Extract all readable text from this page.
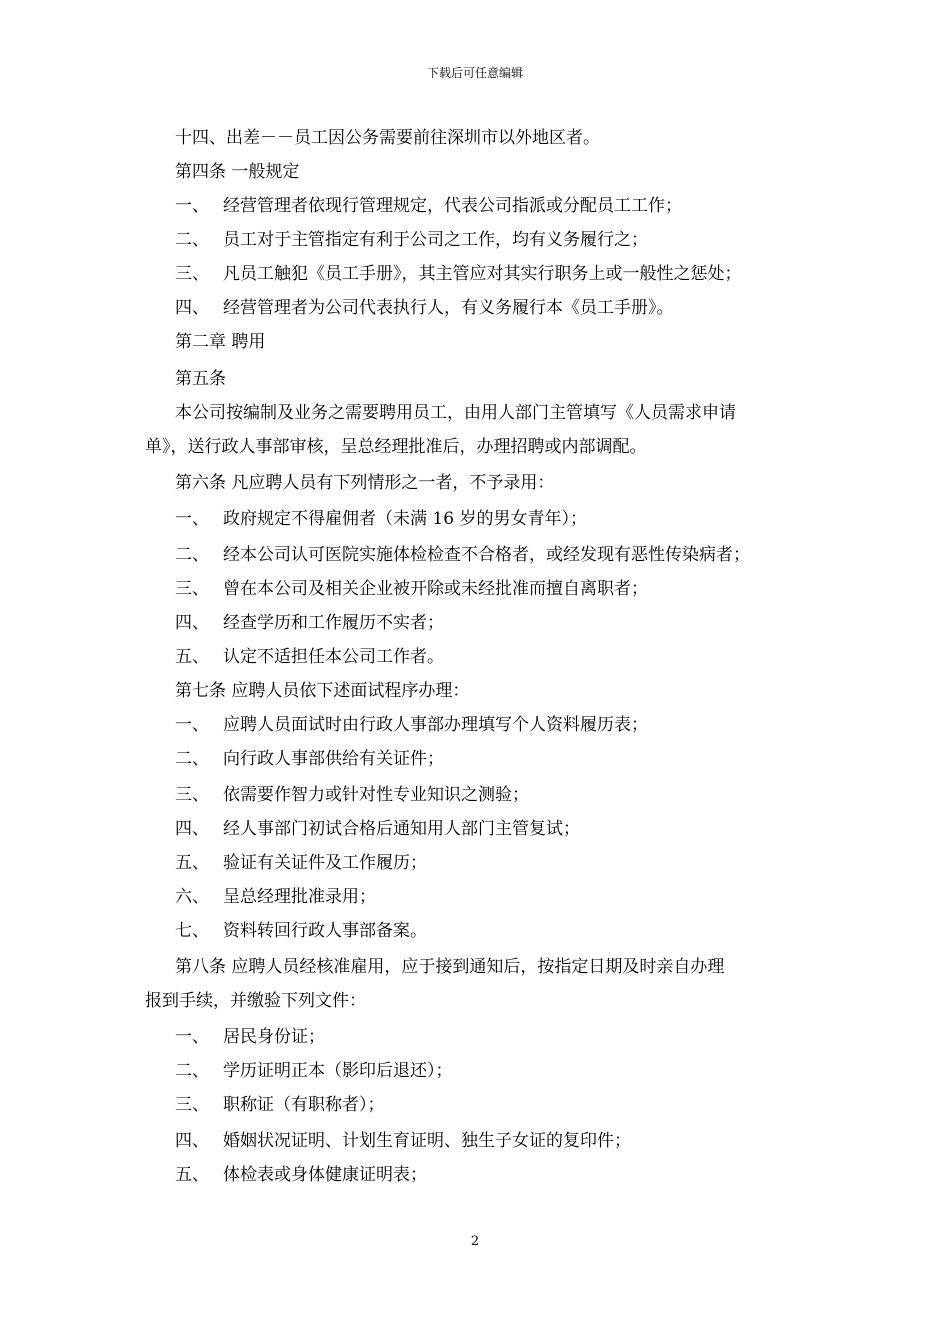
下载后可任意编辑
十四、出差－－员工因公务需要前往深圳市以外地区者。
第四条 一般规定
一、 经营管理者依现行管理规定，代表公司指派或分配员工工作；
二、 员工对于主管指定有利于公司之工作，均有义务履行之；
三、 凡员工触犯《员工手册》，其主管应对其实行职务上或一般性之惩处；
四、 经营管理者为公司代表执行人，有义务履行本《员工手册》。
第二章 聘用
第五条
本公司按编制及业务之需要聘用员工，由用人部门主管填写《人员需求申请
单》，送行政人事部审核，呈总经理批准后，办理招聘或内部调配。
第六条 凡应聘人员有下列情形之一者，不予录用：
一、 政府规定不得雇佣者（未满 16 岁的男女青年）；
二、 经本公司认可医院实施体检检查不合格者，或经发现有恶性传染病者；
三、 曾在本公司及相关企业被开除或未经批准而擅自离职者；
四、 经查学历和工作履历不实者；
五、 认定不适担任本公司工作者。
第七条 应聘人员依下述面试程序办理：
一、 应聘人员面试时由行政人事部办理填写个人资料履历表；
二、 向行政人事部供给有关证件；
三、 依需要作智力或针对性专业知识之测验；
四、 经人事部门初试合格后通知用人部门主管复试；
五、 验证有关证件及工作履历；
六、 呈总经理批准录用；
七、 资料转回行政人事部备案。
第八条 应聘人员经核准雇用，应于接到通知后，按指定日期及时亲自办理
报到手续，并缴验下列文件：
一、 居民身份证；
二、 学历证明正本（影印后退还）；
三、 职称证（有职称者）；
四、 婚姻状况证明、计划生育证明、独生子女证的复印件；
五、 体检表或身体健康证明表；
2
